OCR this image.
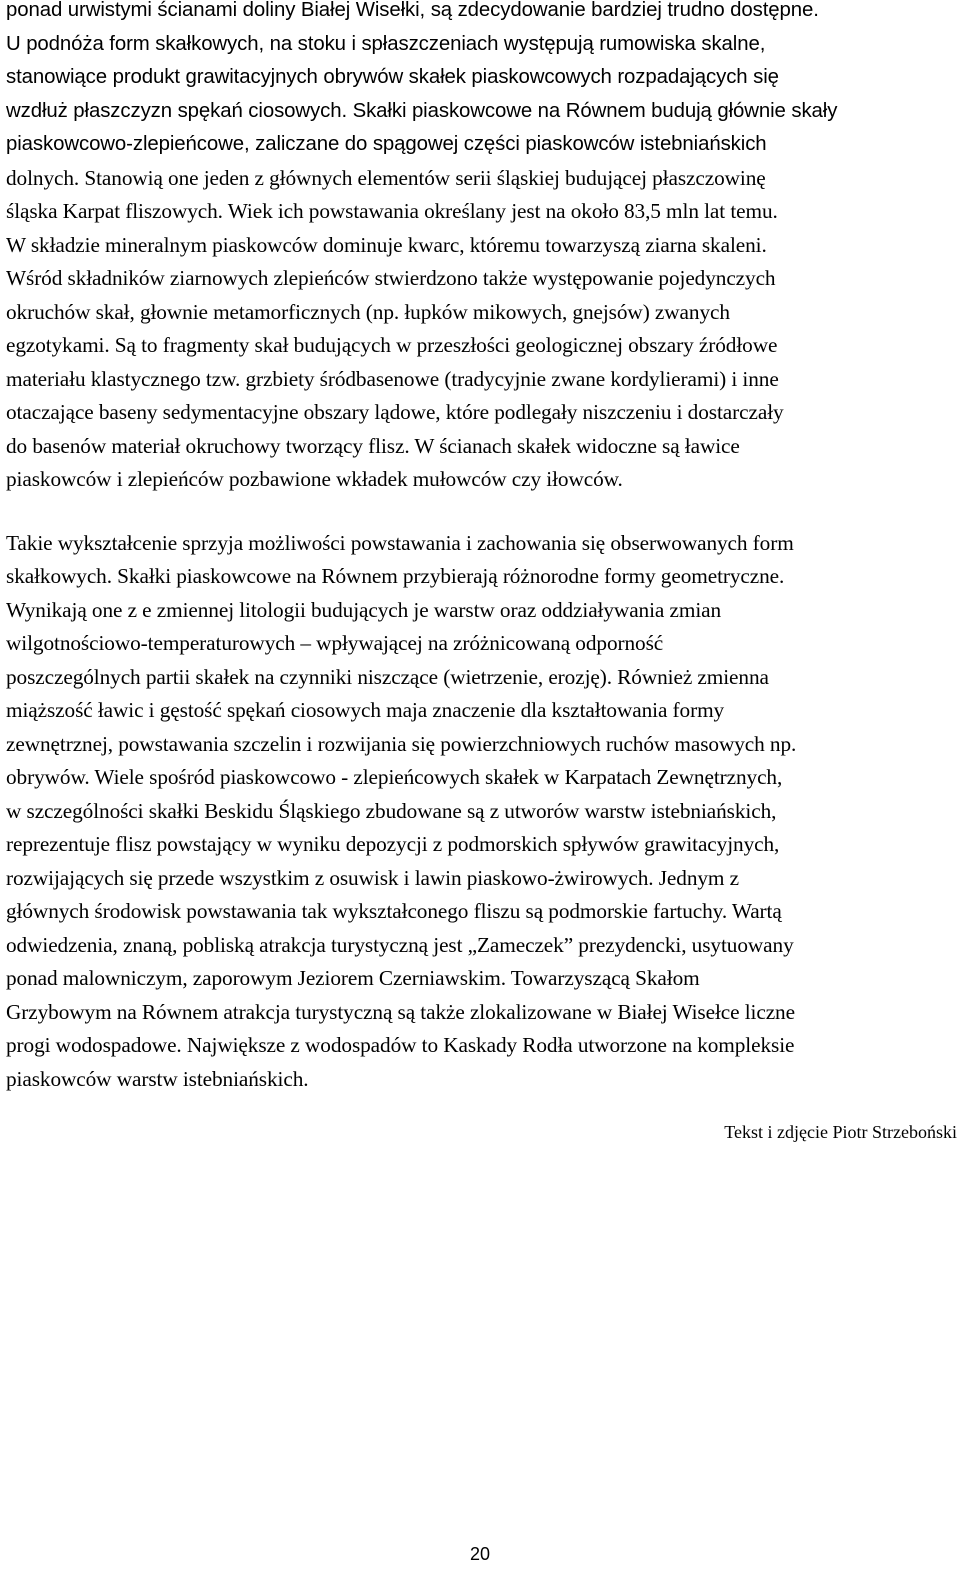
ponad urwistymi ścianami doliny Białej Wisełki, są zdecydowanie bardziej trudno dostępne.
U podnóża form skałkowych, na stoku i spłaszczeniach występują rumowiska skalne,
stanowiące produkt grawitacyjnych obrywów skałek piaskowcowych rozpadających się
wzdłuż płaszczyzn spękań ciosowych. Skałki piaskowcowe na Równem budują głównie skały
piaskowcowo-zlepieńcowe, zaliczane do spągowej części piaskowców istebniańskich
dolnych. Stanowią one jeden z głównych elementów serii śląskiej budującej płaszczowinę
śląska Karpat fliszowych. Wiek ich powstawania określany jest na około 83,5 mln lat temu.
W składzie mineralnym piaskowców dominuje kwarc, któremu towarzyszą ziarna skaleni.
Wśród składników ziarnowych zlepieńców stwierdzono także występowanie pojedynczych
okruchów skał, głownie metamorficznych (np. łupków mikowych, gnejsów) zwanych
egzotykami. Są to fragmenty skał budujących w przeszłości geologicznej obszary źródłowe
materiału klastycznego tzw. grzbiety śródbasenowe (tradycyjnie zwane kordylierami) i inne
otaczające baseny sedymentacyjne obszary lądowe, które podlegały niszczeniu i dostarczały
do basenów materiał okruchowy tworzący flisz. W ścianach skałek widoczne są ławice
piaskowców i zlepieńców pozbawione wkładek mułowców czy iłowców.
Takie wykształcenie sprzyja możliwości powstawania i zachowania się obserwowanych form
skałkowych. Skałki piaskowcowe na Równem przybierają różnorodne formy geometryczne.
Wynikają one z e zmiennej litologii budujących je warstw oraz oddziaływania zmian
wilgotnościowo-temperaturowych – wpływającej na zróżnicowaną odporność
poszczególnych partii skałek na czynniki niszczące (wietrzenie, erozję). Również zmienna
miąższość ławic i gęstość spękań ciosowych maja znaczenie dla kształtowania formy
zewnętrznej, powstawania szczelin i rozwijania się powierzchniowych ruchów masowych np.
obrywów. Wiele spośród piaskowcowo - zlepieńcowych skałek w Karpatach Zewnętrznych,
w szczególności skałki Beskidu Śląskiego zbudowane są z utworów warstw istebniańskich,
reprezentuje flisz powstający w wyniku depozycji z podmorskich spływów grawitacyjnych,
rozwijających się przede wszystkim z osuwisk i lawin piaskowo-żwirowych. Jednym z
głównych środowisk powstawania tak wykształconego fliszu są podmorskie fartuchy. Wartą
odwiedzenia, znaną, pobliską atrakcja turystyczną jest „Zameczek” prezydencki, usytuowany
ponad malowniczym, zaporowym Jeziorem Czerniawskim. Towarzyszącą Skałom
Grzybowym na Równem atrakcja turystyczną są także zlokalizowane w Białej Wisełce liczne
progi wodospadowe. Największe z wodospadów to Kaskady Rodła utworzone na kompleksie
piaskowców warstw istebniańskich.
Tekst i zdjęcie Piotr Strzeboński
20
